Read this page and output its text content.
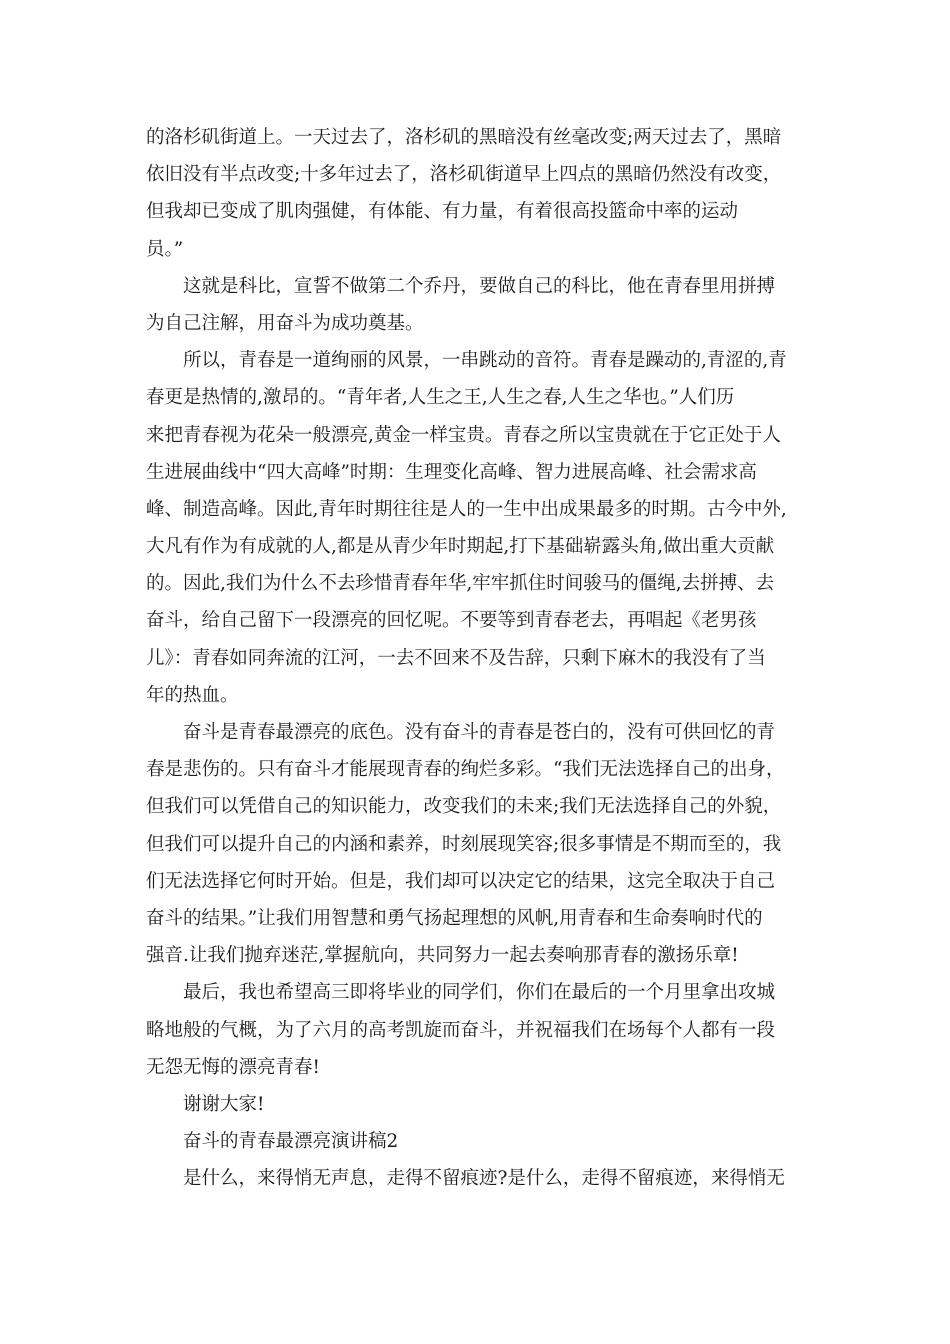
的洛杉矶街道上。一天过去了，洛杉矶的黑暗没有丝毫改变;两天过去了，黑暗
依旧没有半点改变;十多年过去了，洛杉矶街道早上四点的黑暗仍然没有改变，
但我却已变成了肌肉强健，有体能、有力量，有着很高投篮命中率的运动
员。”
这就是科比，宣誓不做第二个乔丹，要做自己的科比，他在青春里用拼搏
为自己注解，用奋斗为成功奠基。
所以，青春是一道绚丽的风景，一串跳动的音符。青春是躁动的,青涩的,青
春更是热情的,激昂的。“青年者,人生之王,人生之春,人生之华也。”人们历
来把青春视为花朵一般漂亮,黄金一样宝贵。青春之所以宝贵就在于它正处于人
生进展曲线中“四大高峰”时期：生理变化高峰、智力进展高峰、社会需求高
峰、制造高峰。因此,青年时期往往是人的一生中出成果最多的时期。古今中外,
大凡有作为有成就的人,都是从青少年时期起,打下基础崭露头角,做出重大贡献
的。因此,我们为什么不去珍惜青春年华,牢牢抓住时间骏马的僵绳,去拼搏、去
奋斗，给自己留下一段漂亮的回忆呢。不要等到青春老去，再唱起《老男孩
儿》：青春如同奔流的江河，一去不回来不及告辞，只剩下麻木的我没有了当
年的热血。
奋斗是青春最漂亮的底色。没有奋斗的青春是苍白的，没有可供回忆的青
春是悲伤的。只有奋斗才能展现青春的绚烂多彩。“我们无法选择自己的出身，
但我们可以凭借自己的知识能力，改变我们的未来;我们无法选择自己的外貌，
但我们可以提升自己的内涵和素养，时刻展现笑容;很多事情是不期而至的，我
们无法选择它何时开始。但是，我们却可以决定它的结果，这完全取决于自己
奋斗的结果。”让我们用智慧和勇气扬起理想的风帆,用青春和生命奏响时代的
强音.让我们抛弃迷茫,掌握航向，共同努力一起去奏响那青春的激扬乐章!
最后，我也希望高三即将毕业的同学们，你们在最后的一个月里拿出攻城
略地般的气概，为了六月的高考凯旋而奋斗，并祝福我们在场每个人都有一段
无怨无悔的漂亮青春!
谢谢大家!
奋斗的青春最漂亮演讲稿2
是什么，来得悄无声息，走得不留痕迹?是什么，走得不留痕迹，来得悄无
